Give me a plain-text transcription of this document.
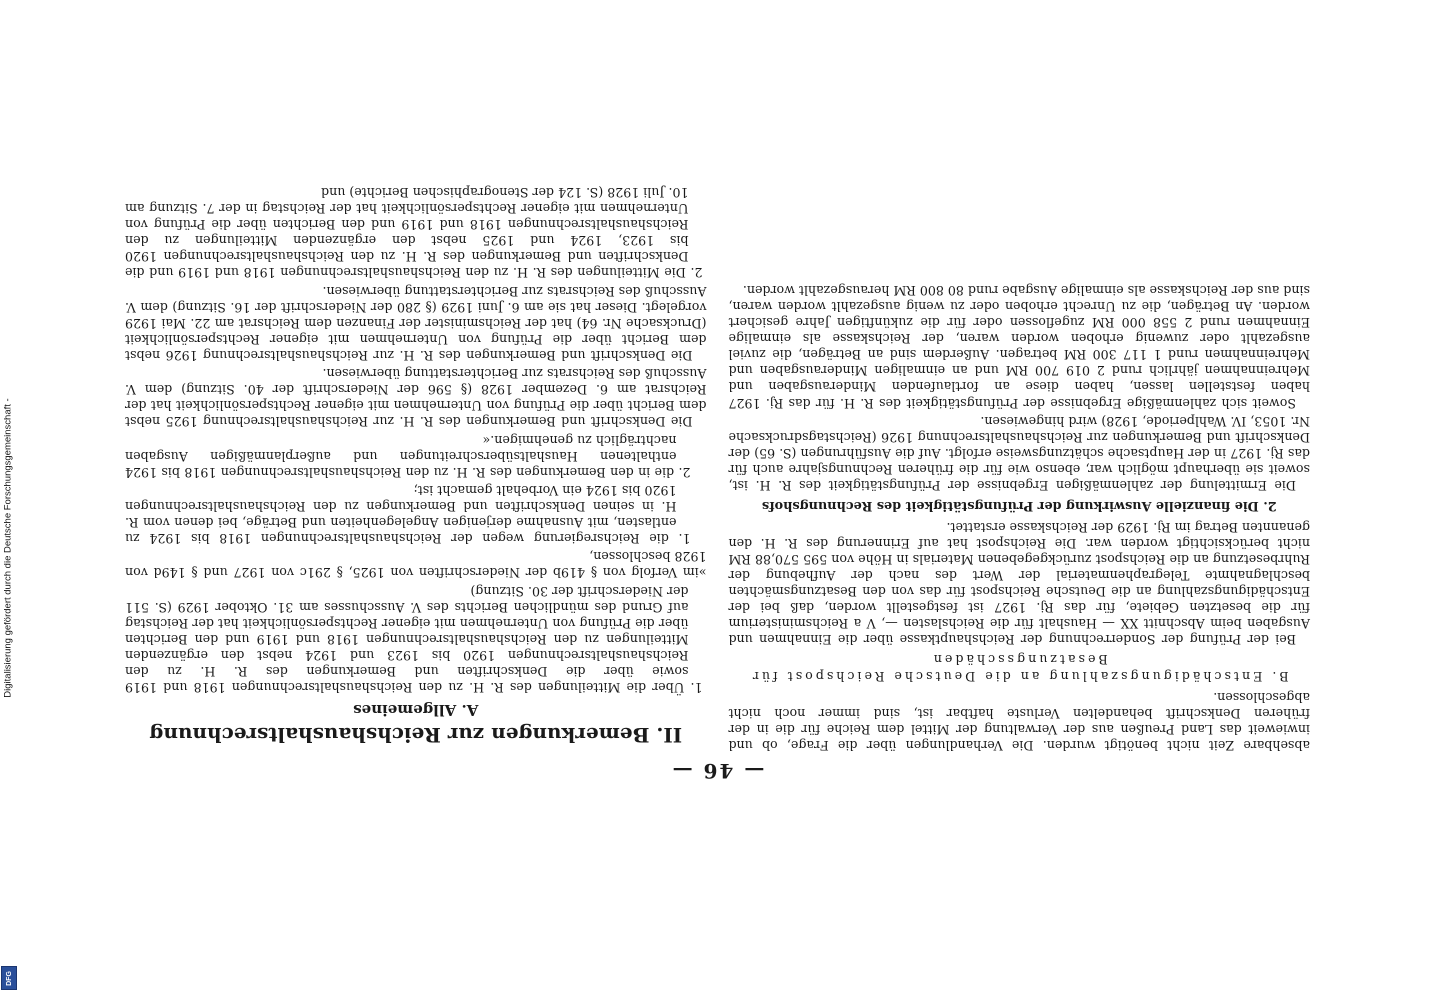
— 46 —

absehbare Zeit nicht benötigt wurden. Die Verhandlungen über die Frage, ob und inwieweit das Land Preußen aus der Verwaltung der Mittel dem Reiche für die in der früheren Denkschrift behandelten Verluste haftbar ist, sind immer noch nicht abgeschlossen.

B. Entschädigungszahlung an die Deutsche Reichspost für Besatzungsschäden

Bei der Prüfung der Sonderrechnung der Reichshauptkasse über die Einnahmen und Ausgaben beim Abschnitt XX — Haushalt für die Reichslasten —, V a Reichsministerium für die besetzten Gebiete, für das Rj. 1927 ist festgestellt worden, daß bei der Entschädigungszahlung an die Deutsche Reichspost für das von den Besatzungsmächten beschlagnahmte Telegraphenmaterial der Wert des nach der Aufhebung der Ruhrbesetzung an die Reichspost zurückgegebenen Materials in Höhe von 595 570,88 RM nicht berücksichtigt worden war. Die Reichspost hat auf Erinnerung des R. H. den genannten Betrag im Rj. 1929 der Reichskasse erstattet.

2. Die finanzielle Auswirkung der Prüfungstätigkeit des Rechnungshofs

Die Ermittelung der zahlenmäßigen Ergebnisse der Prüfungstätigkeit des R. H. ist, soweit sie überhaupt möglich war, ebenso wie für die früheren Rechnungsjahre auch für das Rj. 1927 in der Hauptsache schätzungsweise erfolgt. Auf die Ausführungen (S. 65) der Denkschrift und Bemerkungen zur Reichshaushaltsrechnung 1926 (Reichstagsdrucksache Nr. 1053, IV. Wahlperiode, 1928) wird hingewiesen.

Soweit sich zahlenmäßige Ergebnisse der Prüfungstätigkeit des R. H. für das Rj. 1927 haben feststellen lassen, haben diese an fortlaufenden Minderausgaben und Mehreinnahmen jährlich rund 2 019 700 RM und an einmaligen Minderausgaben und Mehreinnahmen rund 1 117 300 RM betragen. Außerdem sind an Beträgen, die zuviel ausgezahlt oder zuwenig erhoben worden waren, der Reichskasse als einmalige Einnahmen rund 2 558 000 RM zugeflossen oder für die zukünftigen Jahre gesichert worden. An Beträgen, die zu Unrecht erhoben oder zu wenig ausgezahlt worden waren, sind aus der Reichskasse als einmalige Ausgabe rund 80 800 RM herausgezahlt worden.

II. Bemerkungen zur Reichshaushaltsrechnung
A. Allgemeines

1. Über die Mitteilungen des R. H. zu den Reichshaushaltsrechnungen 1918 und 1919 sowie über die Denkschriften und Bemerkungen des R. H. zu den Reichshaushaltsrechnungen 1920 bis 1923 und 1924 nebst den ergänzenden Mitteilungen zu den Reichshaushaltsrechnungen 1918 und 1919 und den Berichten über die Prüfung von Unternehmen mit eigener Rechtspersönlichkeit hat der Reichstag auf Grund des mündlichen Berichts des V. Ausschusses am 31. Oktober 1929 (S. 511 der Niederschrift der 30. Sitzung)

»im Verfolg von § 419b der Niederschriften von 1925, § 291c von 1927 und § 149d von 1928 beschlossen,

1. die Reichsregierung wegen der Reichshaushaltsrechnungen 1918 bis 1924 zu entlasten, mit Ausnahme derjenigen Angelegenheiten und Beträge, bei denen vom R. H. in seinen Denkschriften und Bemerkungen zu den Reichshaushaltsrechnungen 1920 bis 1924 ein Vorbehalt gemacht ist;

2. die in den Bemerkungen des R. H. zu den Reichshaushaltsrechnungen 1918 bis 1924 enthaltenen Haushaltsüberschreitungen und außerplanmäßigen Ausgaben nachträglich zu genehmigen.«

Die Denkschrift und Bemerkungen des R. H. zur Reichshaushaltsrechnung 1925 nebst dem Bericht über die Prüfung von Unternehmen mit eigener Rechtspersönlichkeit hat der Reichsrat am 6. Dezember 1928 (§ 596 der Niederschrift der 40. Sitzung) dem V. Ausschuß des Reichsrats zur Berichterstattung überwiesen.

Die Denkschrift und Bemerkungen des R. H. zur Reichshaushaltsrechnung 1926 nebst dem Bericht über die Prüfung von Unternehmen mit eigener Rechtspersönlichkeit (Drucksache Nr. 64) hat der Reichsminister der Finanzen dem Reichsrat am 22. Mai 1929 vorgelegt. Dieser hat sie am 6. Juni 1929 (§ 280 der Niederschrift der 16. Sitzung) dem V. Ausschuß des Reichsrats zur Berichterstattung überwiesen.

2. Die Mitteilungen des R. H. zu den Reichshaushaltsrechnungen 1918 und 1919 und die Denkschriften und Bemerkungen des R. H. zu den Reichshaushaltsrechnungen 1920 bis 1923, 1924 und 1925 nebst den ergänzenden Mitteilungen zu den Reichshaushaltsrechnungen 1918 und 1919 und den Berichten über die Prüfung von Unternehmen mit eigener Rechtspersönlichkeit hat der Reichstag in der 7. Sitzung am 10. Juli 1928 (S. 124 der Stenographischen Berichte) und

Digitalisierung gefördert durch die Deutsche Forschungsgemeinschaft -
DFG
